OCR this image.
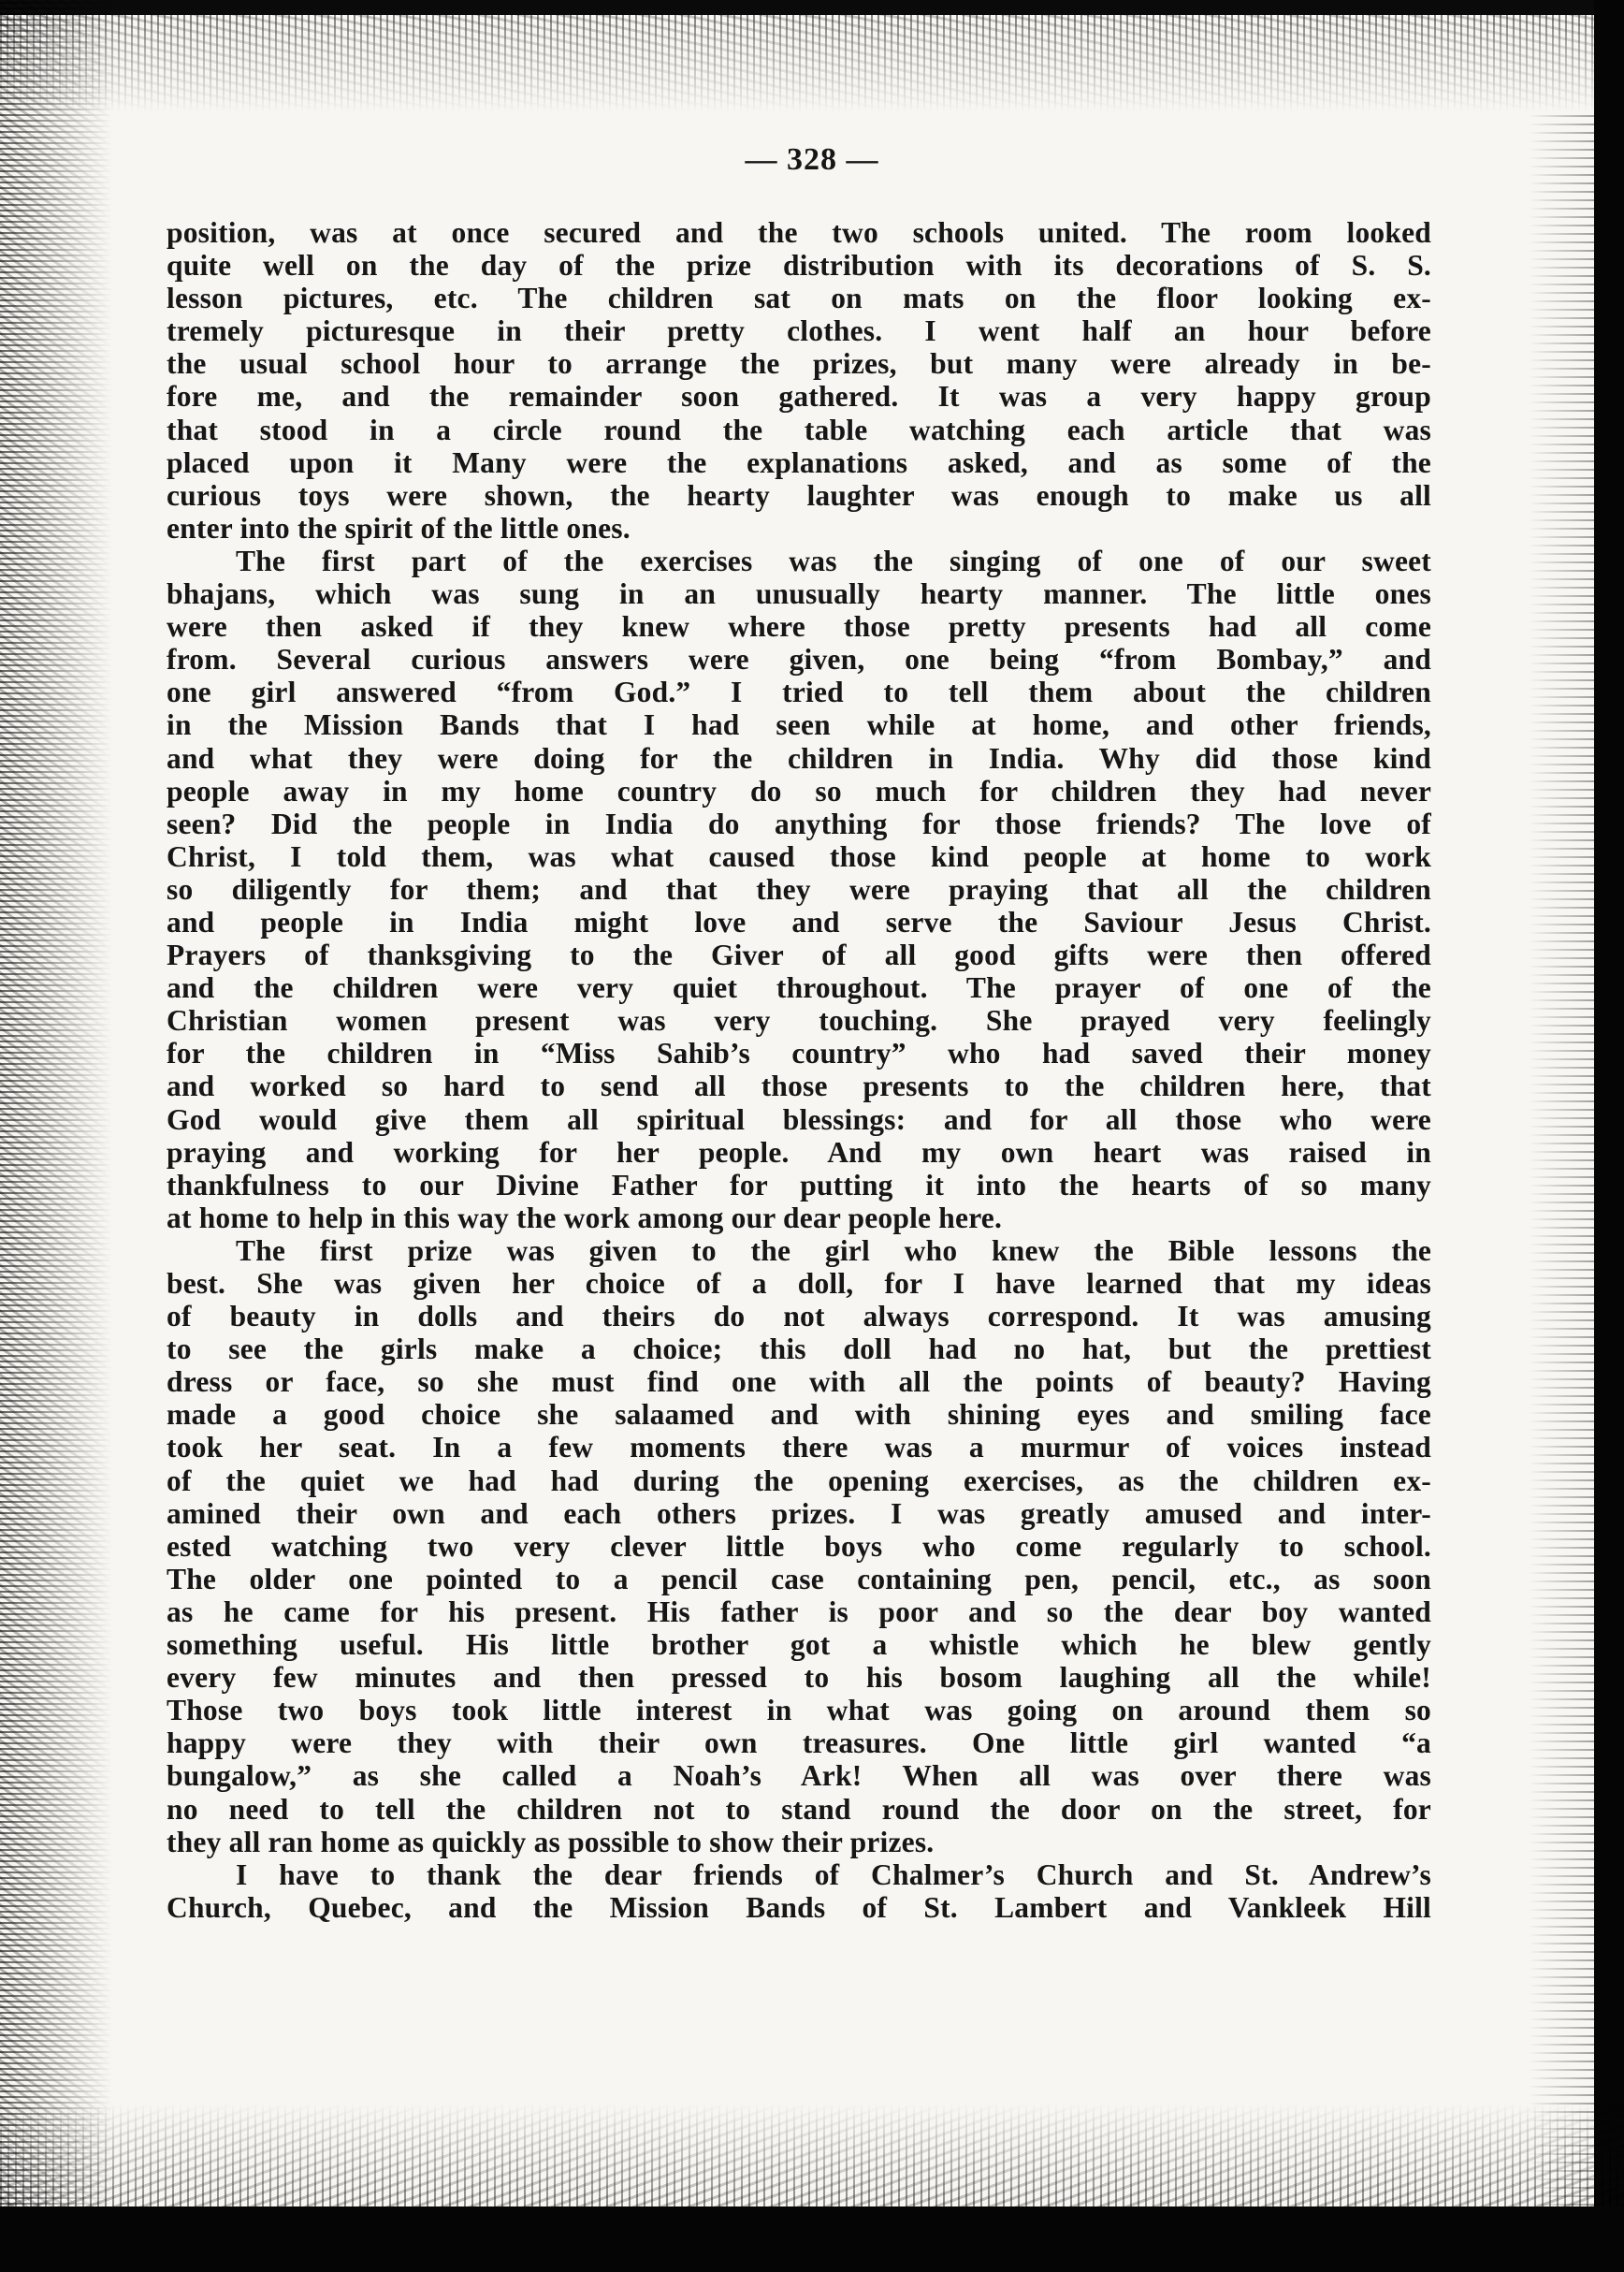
— 328 —
position, was at once secured and the two schools united. The room looked
quite well on the day of the prize distribution with its decorations of S. S.
lesson pictures, etc. The children sat on mats on the floor looking ex-
tremely picturesque in their pretty clothes. I went half an hour before
the usual school hour to arrange the prizes, but many were already in be-
fore me, and the remainder soon gathered. It was a very happy group
that stood in a circle round the table watching each article that was
placed upon it Many were the explanations asked, and as some of the
curious toys were shown, the hearty laughter was enough to make us all
enter into the spirit of the little ones.
The first part of the exercises was the singing of one of our sweet
bhajans, which was sung in an unusually hearty manner. The little ones
were then asked if they knew where those pretty presents had all come
from. Several curious answers were given, one being “from Bombay,” and
one girl answered “from God.” I tried to tell them about the children
in the Mission Bands that I had seen while at home, and other friends,
and what they were doing for the children in India. Why did those kind
people away in my home country do so much for children they had never
seen? Did the people in India do anything for those friends? The love of
Christ, I told them, was what caused those kind people at home to work
so diligently for them; and that they were praying that all the children
and people in India might love and serve the Saviour Jesus Christ.
Prayers of thanksgiving to the Giver of all good gifts were then offered
and the children were very quiet throughout. The prayer of one of the
Christian women present was very touching. She prayed very feelingly
for the children in “Miss Sahib’s country” who had saved their money
and worked so hard to send all those presents to the children here, that
God would give them all spiritual blessings: and for all those who were
praying and working for her people. And my own heart was raised in
thankfulness to our Divine Father for putting it into the hearts of so many
at home to help in this way the work among our dear people here.
The first prize was given to the girl who knew the Bible lessons the
best. She was given her choice of a doll, for I have learned that my ideas
of beauty in dolls and theirs do not always correspond. It was amusing
to see the girls make a choice; this doll had no hat, but the prettiest
dress or face, so she must find one with all the points of beauty? Having
made a good choice she salaamed and with shining eyes and smiling face
took her seat. In a few moments there was a murmur of voices instead
of the quiet we had had during the opening exercises, as the children ex-
amined their own and each others prizes. I was greatly amused and inter-
ested watching two very clever little boys who come regularly to school.
The older one pointed to a pencil case containing pen, pencil, etc., as soon
as he came for his present. His father is poor and so the dear boy wanted
something useful. His little brother got a whistle which he blew gently
every few minutes and then pressed to his bosom laughing all the while!
Those two boys took little interest in what was going on around them so
happy were they with their own treasures. One little girl wanted “a
bungalow,” as she called a Noah’s Ark! When all was over there was
no need to tell the children not to stand round the door on the street, for
they all ran home as quickly as possible to show their prizes.
I have to thank the dear friends of Chalmer’s Church and St. Andrew’s
Church, Quebec, and the Mission Bands of St. Lambert and Vankleek Hill
